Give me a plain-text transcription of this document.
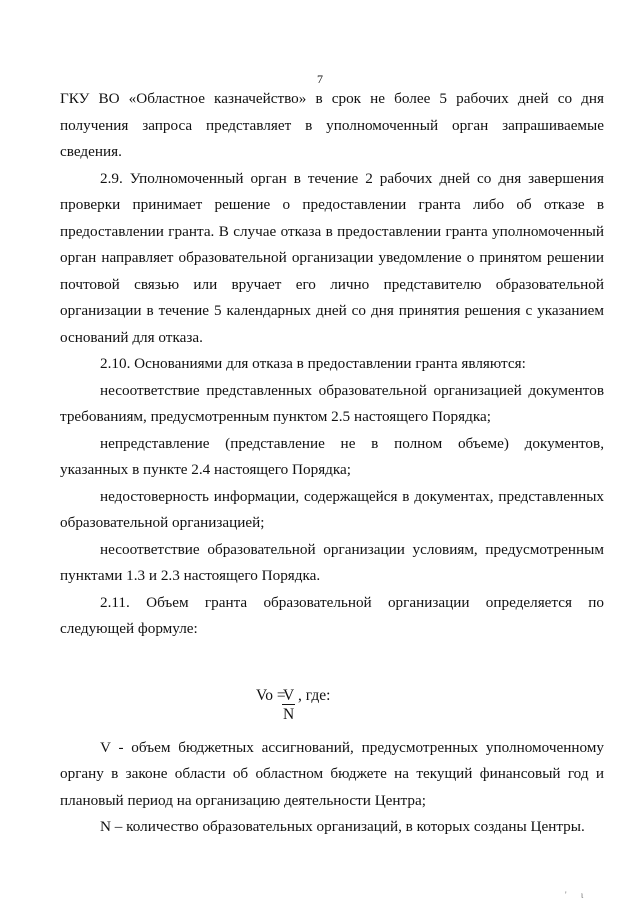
7

ГКУ ВО «Областное казначейство» в срок не более 5 рабочих дней со дня получения запроса представляет в уполномоченный орган запрашиваемые сведения.

2.9. Уполномоченный орган в течение 2 рабочих дней со дня завершения проверки принимает решение о предоставлении гранта либо об отказе в предоставлении гранта. В случае отказа в предоставлении гранта уполномоченный орган направляет образовательной организации уведомление о принятом решении почтовой связью или вручает его лично представителю образовательной организации в течение 5 календарных дней со дня принятия решения с указанием оснований для отказа.

2.10. Основаниями для отказа в предоставлении гранта являются:

несоответствие представленных образовательной организацией документов требованиям, предусмотренным пунктом 2.5 настоящего Порядка;

непредставление (представление не в полном объеме) документов, указанных в пункте 2.4 настоящего Порядка;

недостоверность информации, содержащейся в документах, представленных образовательной организацией;

несоответствие образовательной организации условиям, предусмотренным пунктами 1.3 и 2.3 настоящего Порядка.

2.11. Объем гранта образовательной организации определяется по следующей формуле:

Vo =
$\frac{V}{N}$ , где:

V - объем бюджетных ассигнований, предусмотренных уполномоченному органу в законе области об областном бюджете на текущий финансовый год и плановый период на организацию деятельности Центра;

N – количество образовательных организаций, в которых созданы Центры.

' ι
